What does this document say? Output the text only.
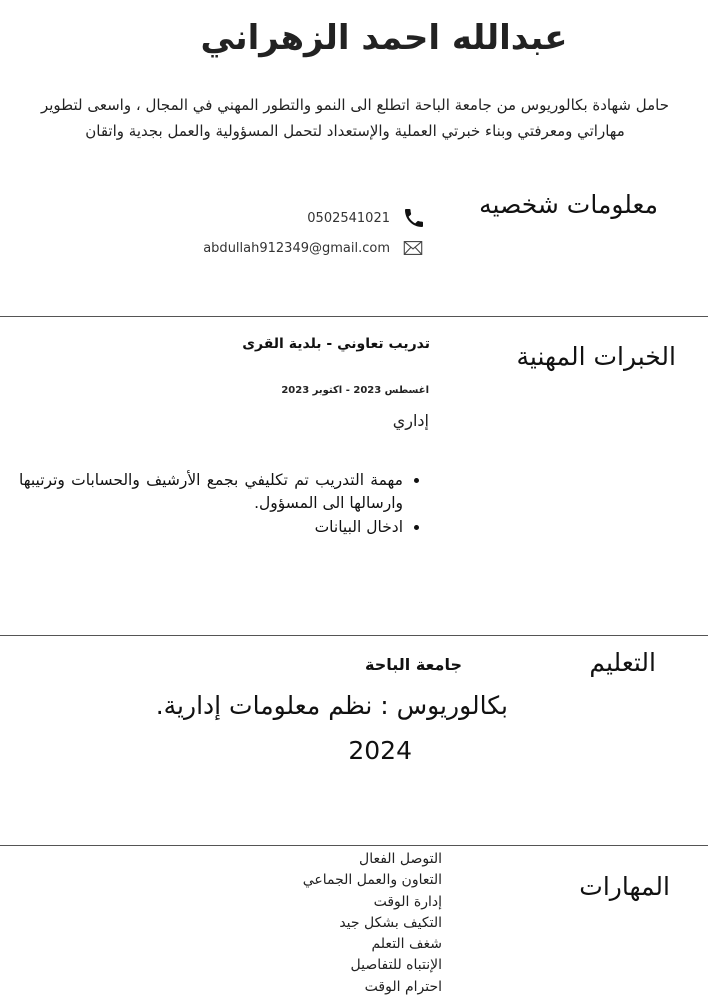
عبدالله احمد الزهراني
حامل شهادة بكالوريوس من جامعة الباحة اتطلع الى النمو والتطور المهني في المجال ، واسعى لتطوير مهاراتي ومعرفتي وبناء خبرتي العملية والإستعداد لتحمل المسؤولية والعمل بجدية واتقان
معلومات شخصيه
0502541021
abdullah912349@gmail.com
الخبرات المهنية
تدريب تعاوني - بلدية القرى
اغسطس 2023 - اكتوبر 2023
إداري
• مهمة التدريب تم تكليفي بجمع الأرشيف والحسابات وترتيبها وارسالها الى المسؤول.
• ادخال البيانات
التعليم
جامعة الباحة
بكالوريوس : نظم معلومات إدارية.
2024
المهارات
التوصل الفعال
التعاون والعمل الجماعي
إدارة الوقت
التكيف بشكل جيد
شغف التعلم
الإنتباه للتفاصيل
احترام الوقت
